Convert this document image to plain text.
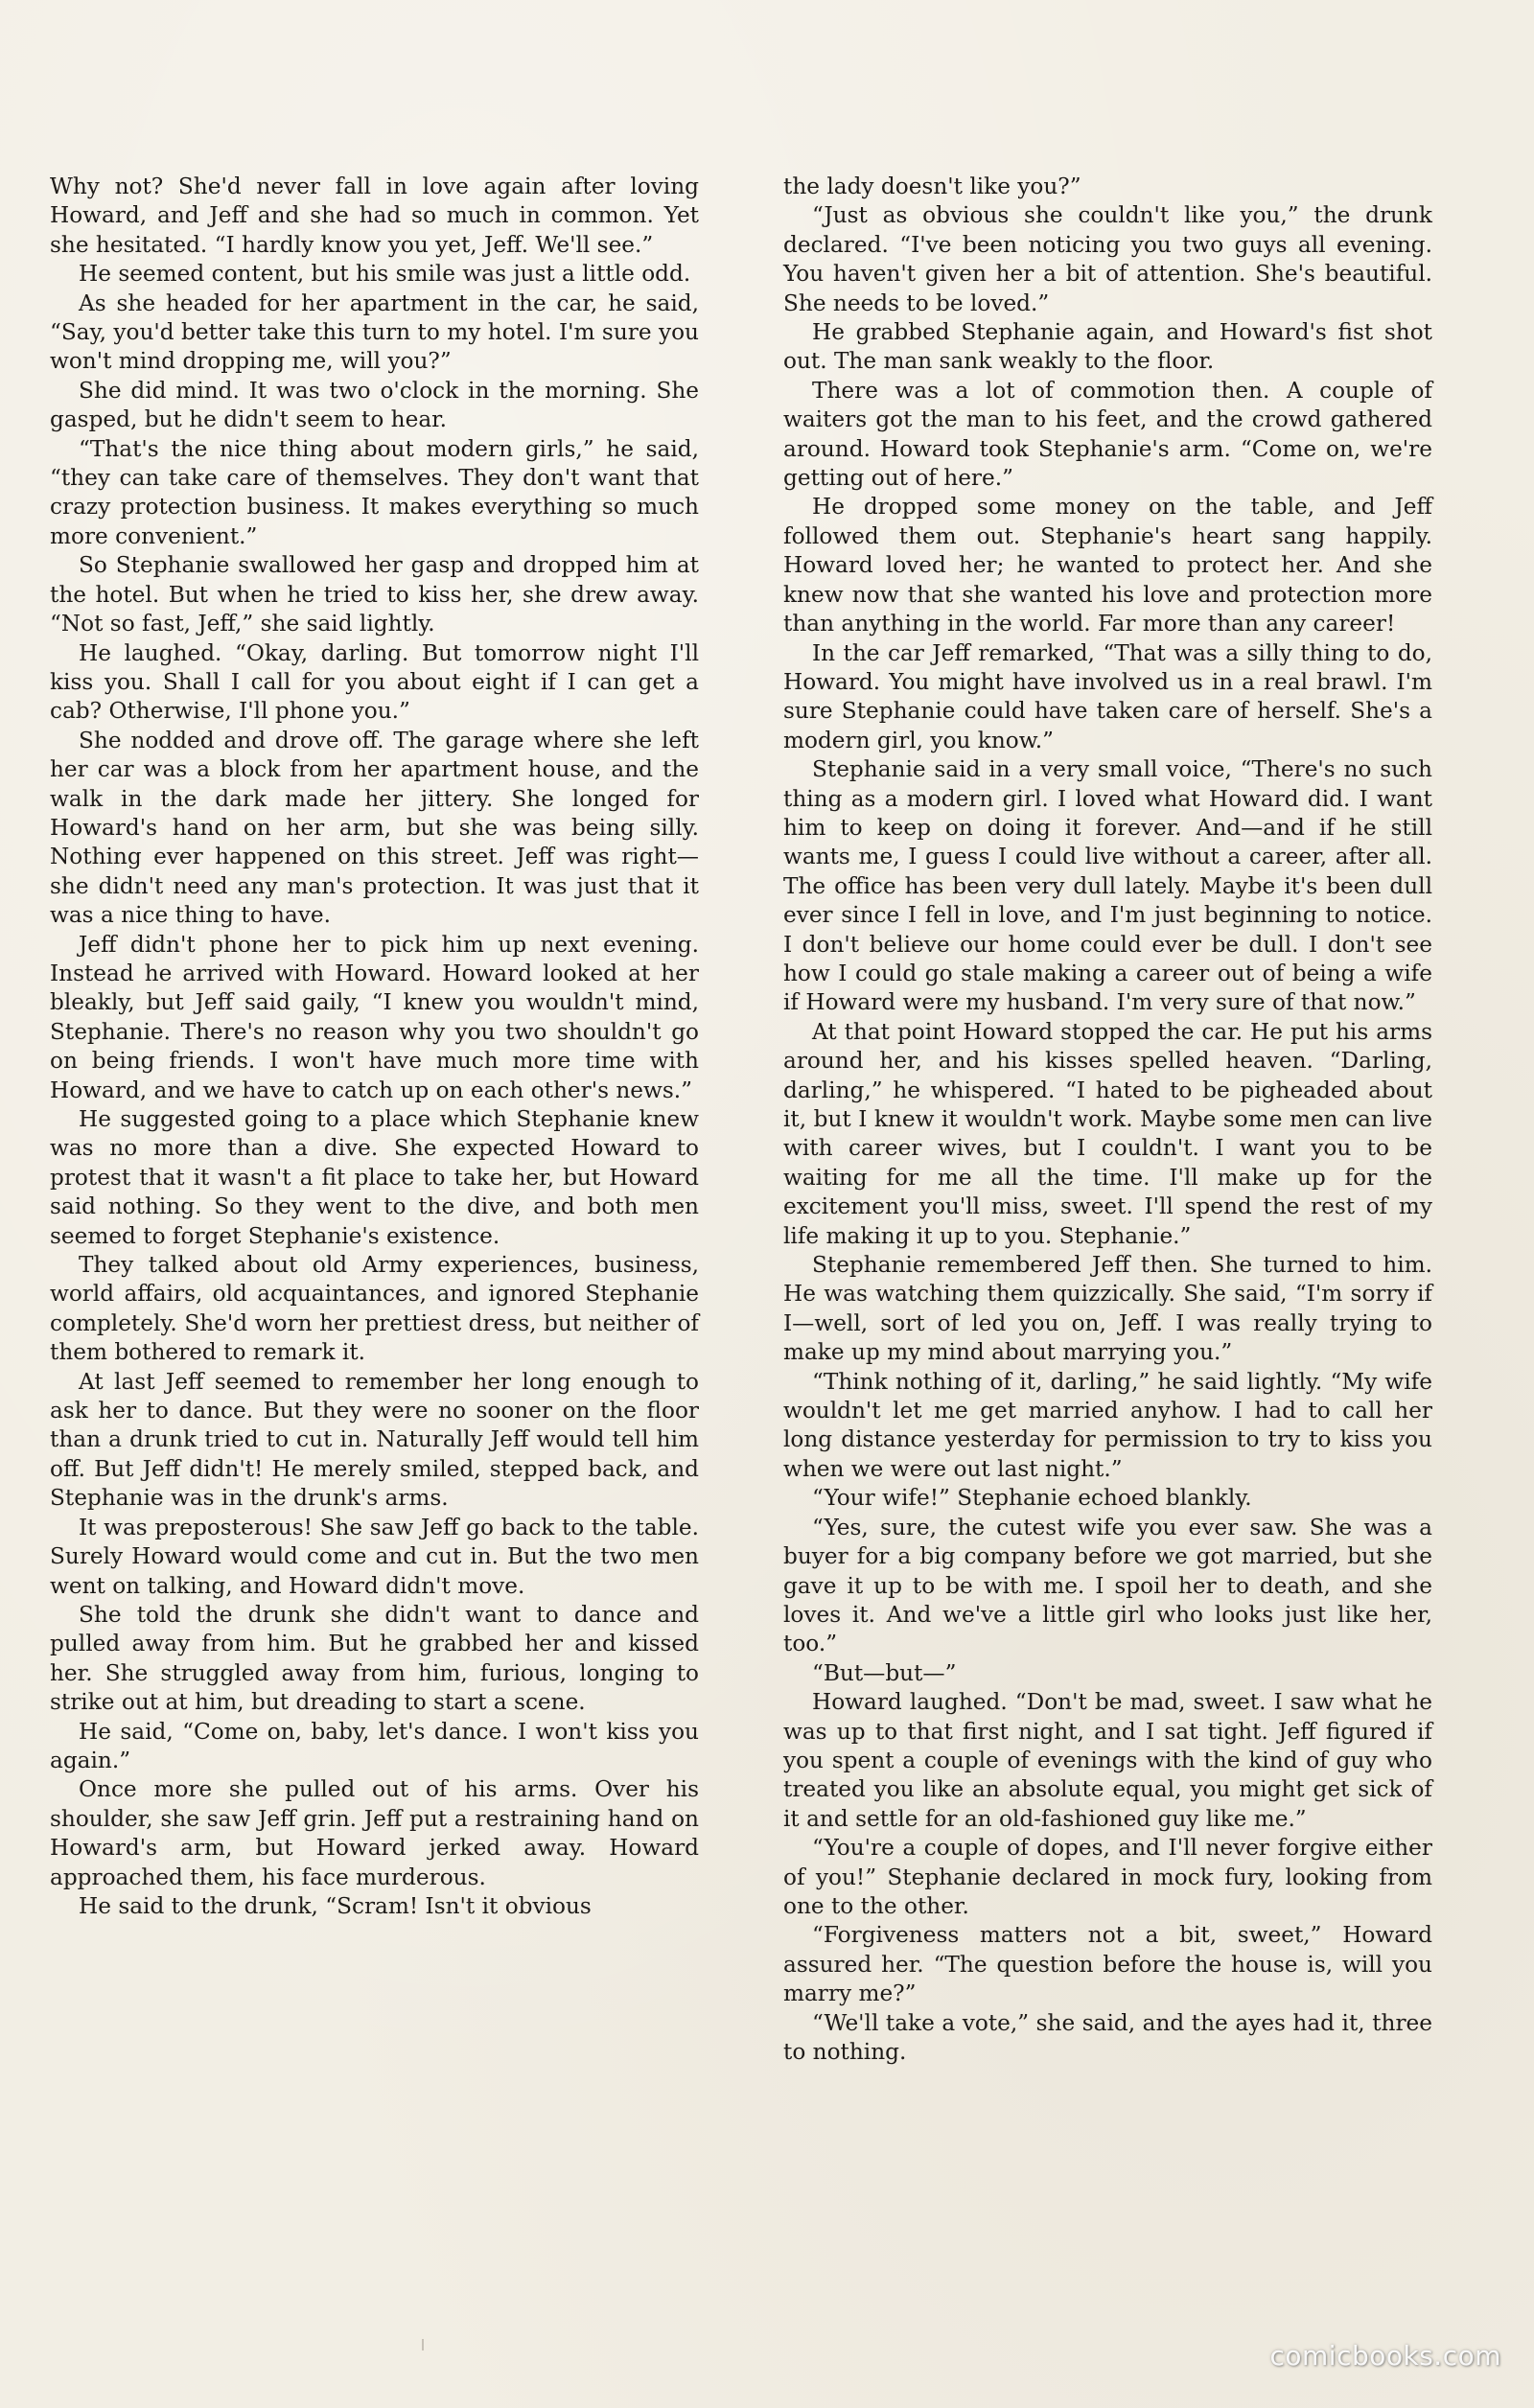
Why not? She'd never fall in love again after loving Howard, and Jeff and she had so much in common. Yet she hesitated. “I hardly know you yet, Jeff. We'll see.”

He seemed content, but his smile was just a little odd.

As she headed for her apartment in the car, he said, “Say, you'd better take this turn to my hotel. I'm sure you won't mind dropping me, will you?”

She did mind. It was two o'clock in the morning. She gasped, but he didn't seem to hear.

“That's the nice thing about modern girls,” he said, “they can take care of themselves. They don't want that crazy protection business. It makes everything so much more convenient.”

So Stephanie swallowed her gasp and dropped him at the hotel. But when he tried to kiss her, she drew away. “Not so fast, Jeff,” she said lightly.

He laughed. “Okay, darling. But tomorrow night I'll kiss you. Shall I call for you about eight if I can get a cab? Otherwise, I'll phone you.”

She nodded and drove off. The garage where she left her car was a block from her apartment house, and the walk in the dark made her jittery. She longed for Howard's hand on her arm, but she was being silly. Nothing ever happened on this street. Jeff was right—she didn't need any man's protection. It was just that it was a nice thing to have.

Jeff didn't phone her to pick him up next evening. Instead he arrived with Howard. Howard looked at her bleakly, but Jeff said gaily, “I knew you wouldn't mind, Stephanie. There's no reason why you two shouldn't go on being friends. I won't have much more time with Howard, and we have to catch up on each other's news.”

He suggested going to a place which Stephanie knew was no more than a dive. She expected Howard to protest that it wasn't a fit place to take her, but Howard said nothing. So they went to the dive, and both men seemed to forget Stephanie's existence.

They talked about old Army experiences, business, world affairs, old acquaintances, and ignored Stephanie completely. She'd worn her prettiest dress, but neither of them bothered to remark it.

At last Jeff seemed to remember her long enough to ask her to dance. But they were no sooner on the floor than a drunk tried to cut in. Naturally Jeff would tell him off. But Jeff didn't! He merely smiled, stepped back, and Stephanie was in the drunk's arms.

It was preposterous! She saw Jeff go back to the table. Surely Howard would come and cut in. But the two men went on talking, and Howard didn't move.

She told the drunk she didn't want to dance and pulled away from him. But he grabbed her and kissed her. She struggled away from him, furious, longing to strike out at him, but dreading to start a scene.

He said, “Come on, baby, let's dance. I won't kiss you again.”

Once more she pulled out of his arms. Over his shoulder, she saw Jeff grin. Jeff put a restraining hand on Howard's arm, but Howard jerked away. Howard approached them, his face murderous.

He said to the drunk, “Scram! Isn't it obvious

the lady doesn't like you?”

“Just as obvious she couldn't like you,” the drunk declared. “I've been noticing you two guys all evening. You haven't given her a bit of attention. She's beautiful. She needs to be loved.”

He grabbed Stephanie again, and Howard's fist shot out. The man sank weakly to the floor.

There was a lot of commotion then. A couple of waiters got the man to his feet, and the crowd gathered around. Howard took Stephanie's arm. “Come on, we're getting out of here.”

He dropped some money on the table, and Jeff followed them out. Stephanie's heart sang happily. Howard loved her; he wanted to protect her. And she knew now that she wanted his love and protection more than anything in the world. Far more than any career!

In the car Jeff remarked, “That was a silly thing to do, Howard. You might have involved us in a real brawl. I'm sure Stephanie could have taken care of herself. She's a modern girl, you know.”

Stephanie said in a very small voice, “There's no such thing as a modern girl. I loved what Howard did. I want him to keep on doing it forever. And—and if he still wants me, I guess I could live without a career, after all. The office has been very dull lately. Maybe it's been dull ever since I fell in love, and I'm just beginning to notice. I don't believe our home could ever be dull. I don't see how I could go stale making a career out of being a wife if Howard were my husband. I'm very sure of that now.”

At that point Howard stopped the car. He put his arms around her, and his kisses spelled heaven. “Darling, darling,” he whispered. “I hated to be pigheaded about it, but I knew it wouldn't work. Maybe some men can live with career wives, but I couldn't. I want you to be waiting for me all the time. I'll make up for the excitement you'll miss, sweet. I'll spend the rest of my life making it up to you. Stephanie.”

Stephanie remembered Jeff then. She turned to him. He was watching them quizzically. She said, “I'm sorry if I—well, sort of led you on, Jeff. I was really trying to make up my mind about marrying you.”

“Think nothing of it, darling,” he said lightly. “My wife wouldn't let me get married anyhow. I had to call her long distance yesterday for permission to try to kiss you when we were out last night.”

“Your wife!” Stephanie echoed blankly.

“Yes, sure, the cutest wife you ever saw. She was a buyer for a big company before we got married, but she gave it up to be with me. I spoil her to death, and she loves it. And we've a little girl who looks just like her, too.”

“But—but—”

Howard laughed. “Don't be mad, sweet. I saw what he was up to that first night, and I sat tight. Jeff figured if you spent a couple of evenings with the kind of guy who treated you like an absolute equal, you might get sick of it and settle for an old-fashioned guy like me.”

“You're a couple of dopes, and I'll never forgive either of you!” Stephanie declared in mock fury, looking from one to the other.

“Forgiveness matters not a bit, sweet,” Howard assured her. “The question before the house is, will you marry me?”

“We'll take a vote,” she said, and the ayes had it, three to nothing.

comicbooks.com
